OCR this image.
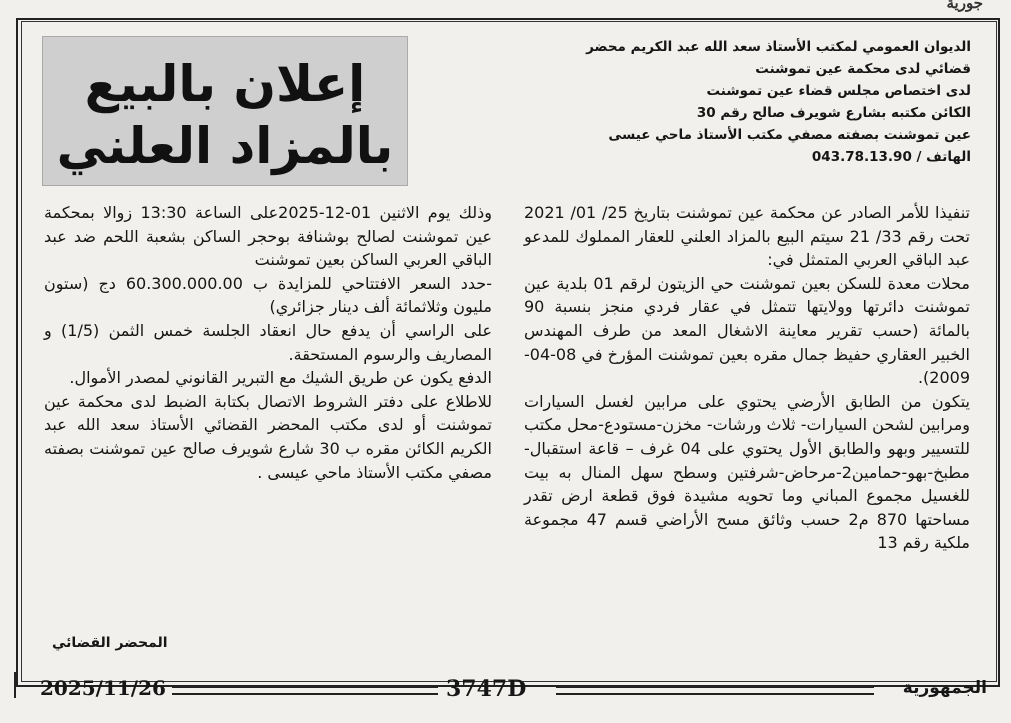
جورية
إعلان بالبيع
بالمزاد العلني
الديوان العمومي لمكتب الأستاذ سعد الله عبد الكريم محضر
قضائي لدى محكمة عين تموشنت
لدى اختصاص مجلس قضاء عين تموشنت
الكائن مكتبه بشارع شويرف صالح رقم 30
عين تموشنت بصفته مصفي مكتب الأستاذ ماحي عيسى
الهاتف / 043.78.13.90

تنفيذا للأمر الصادر عن محكمة عين تموشنت بتاريخ 25/ 01/ 2021 تحت رقم 33/ 21 سيتم البيع بالمزاد العلني للعقار المملوك للمدعو عبد الباقي العربي المتمثل في:

محلات معدة للسكن بعين تموشنت حي الزيتون لرقم 01 بلدية عين تموشنت دائرتها وولايتها تتمثل في عقار فردي منجز بنسبة 90 بالمائة (حسب تقرير معاينة الاشغال المعد من طرف المهندس الخبير العقاري حفيظ جمال مقره بعين تموشنت المؤرخ في 08-04-2009).

يتكون من الطابق الأرضي يحتوي على مرابين لغسل السيارات ومرابين لشحن السيارات- ثلاث ورشات- مخزن-مستودع-محل مكتب للتسيير وبهو والطابق الأول يحتوي على 04 غرف – قاعة استقبال- مطبخ-بهو-حمامين2-مرحاض-شرفتين وسطح سهل المنال به بيت للغسيل مجموع المباني وما تحويه مشيدة فوق قطعة ارض تقدر مساحتها 870 م2 حسب وثائق مسح الأراضي قسم 47 مجموعة ملكية رقم 13

وذلك يوم الاثنين 01-12-2025على الساعة 13:30 زوالا بمحكمة عين تموشنت لصالح بوشنافة بوحجر الساكن بشعبة اللحم ضد عبد الباقي العربي الساكن بعين تموشنت

-حدد السعر الافتتاحي للمزايدة ب 60.300.000.00 دج (ستون مليون وثلاثمائة ألف دينار جزائري)

على الراسي أن يدفع حال انعقاد الجلسة خمس الثمن (1/5) و المصاريف والرسوم المستحقة.

الدفع يكون عن طريق الشيك مع التبرير القانوني لمصدر الأموال.

للاطلاع على دفتر الشروط الاتصال بكتابة الضبط لدى محكمة عين تموشنت أو لدى مكتب المحضر القضائي الأستاذ سعد الله عبد الكريم الكائن مقره ب 30 شارع شويرف صالح عين تموشنت بصفته مصفي مكتب الأستاذ ماحي عيسى .

المحضر القضائي
2025/11/26	3747D	الجمهورية
